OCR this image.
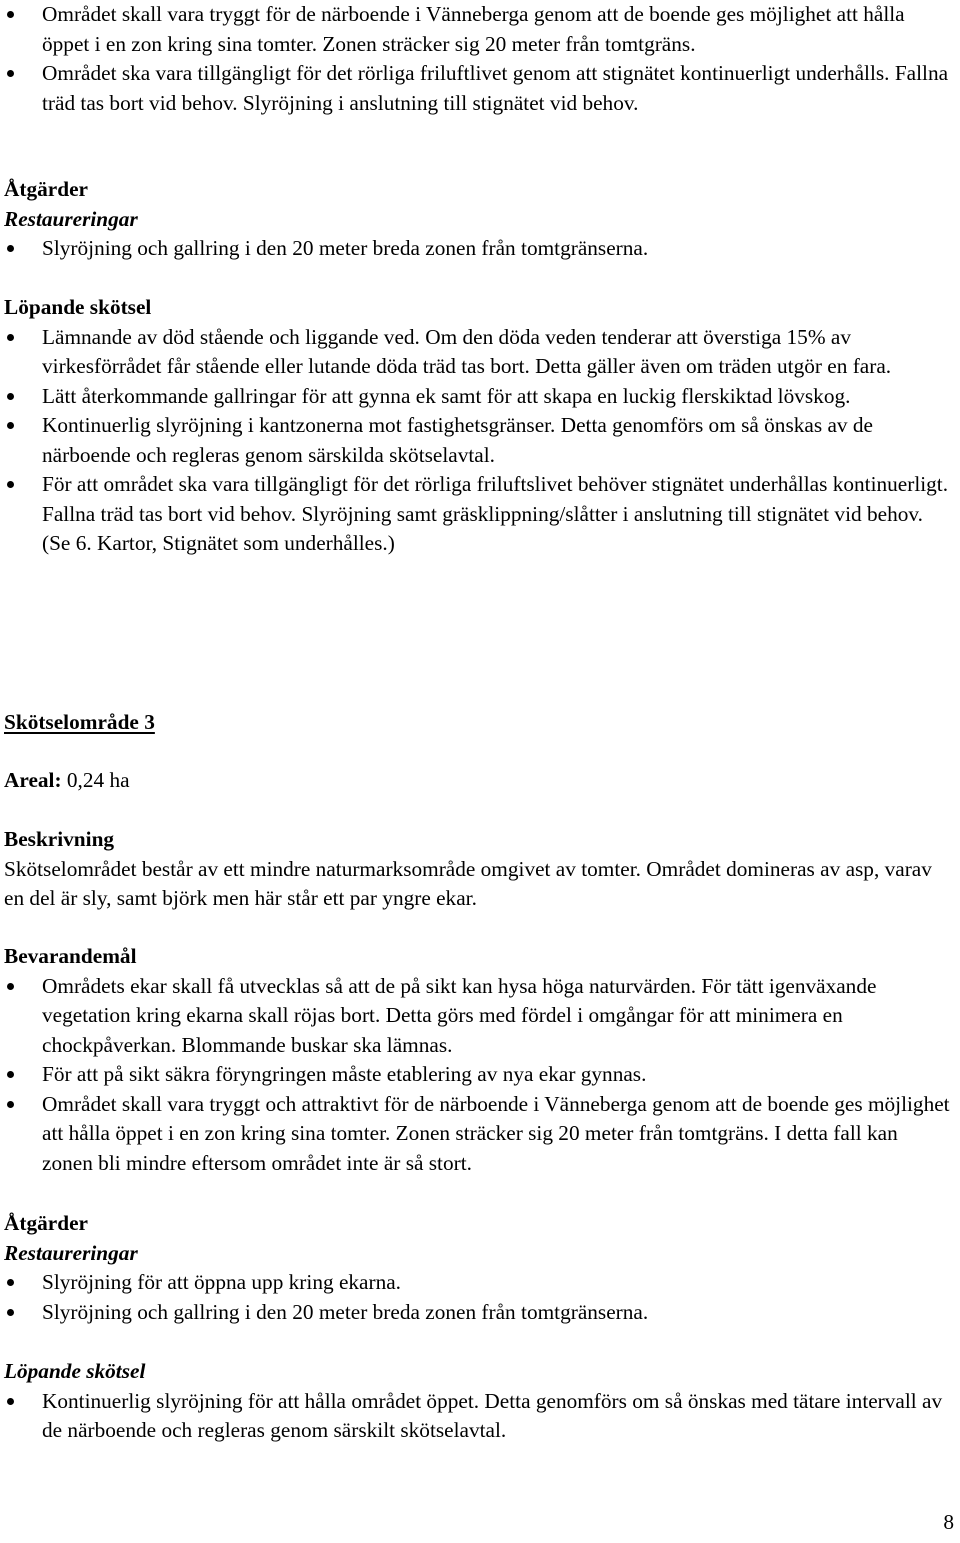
Området skall vara tryggt för de närboende i Vänneberga genom att de boende ges möjlighet att hålla öppet i en zon kring sina tomter. Zonen sträcker sig 20 meter från tomtgräns.
Området ska vara tillgängligt för det rörliga friluftlivet genom att stignätet kontinuerligt underhålls. Fallna träd tas bort vid behov. Slyröjning i anslutning till stignätet vid behov.
Åtgärder
Restaureringar
Slyröjning och gallring i den 20 meter breda zonen från tomtgränserna.
Löpande skötsel
Lämnande av död stående och liggande ved. Om den döda veden tenderar att överstiga 15% av virkesförrådet får stående eller lutande döda träd tas bort. Detta gäller även om träden utgör en fara.
Lätt återkommande gallringar för att gynna ek samt för att skapa en luckig flerskiktad lövskog.
Kontinuerlig slyröjning i kantzonerna mot fastighetsgränser. Detta genomförs om så önskas av de närboende och regleras genom särskilda skötselavtal.
För att området ska vara tillgängligt för det rörliga friluftslivet behöver stignätet underhållas kontinuerligt. Fallna träd tas bort vid behov. Slyröjning samt gräsklippning/slåtter i anslutning till stignätet vid behov. (Se 6. Kartor, Stignätet som underhålles.)
Skötselområde 3
Areal: 0,24 ha
Beskrivning
Skötselområdet består av ett mindre naturmarksområde omgivet av tomter. Området domineras av asp, varav en del är sly, samt björk men här står ett par yngre ekar.
Bevarandemål
Områdets ekar skall få utvecklas så att de på sikt kan hysa höga naturvärden. För tätt igenväxande vegetation kring ekarna skall röjas bort. Detta görs med fördel i omgångar för att minimera en chockpåverkan. Blommande buskar ska lämnas.
För att på sikt säkra föryngringen måste etablering av nya ekar gynnas.
Området skall vara tryggt och attraktivt för de närboende i Vänneberga genom att de boende ges möjlighet att hålla öppet i en zon kring sina tomter. Zonen sträcker sig 20 meter från tomtgräns. I detta fall kan zonen bli mindre eftersom området inte är så stort.
Åtgärder
Restaureringar
Slyröjning för att öppna upp kring ekarna.
Slyröjning och gallring i den 20 meter breda zonen från tomtgränserna.
Löpande skötsel
Kontinuerlig slyröjning för att hålla området öppet. Detta genomförs om så önskas med tätare intervall av de närboende och regleras genom särskilt skötselavtal.
8
